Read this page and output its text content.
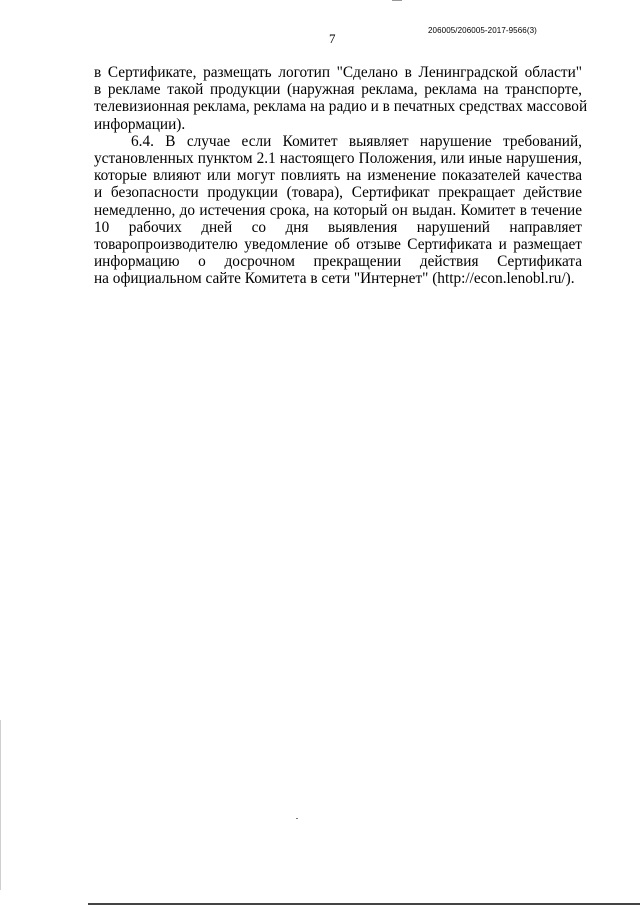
206005/206005-2017-9566(3)
7
в Сертификате, размещать логотип "Сделано в Ленинградской области"
в рекламе такой продукции (наружная реклама, реклама на транспорте,
телевизионная реклама, реклама на радио и в печатных средствах массовой
информации).
6.4. В случае если Комитет выявляет нарушение требований,
установленных пунктом 2.1 настоящего Положения, или иные нарушения,
которые влияют или могут повлиять на изменение показателей качества
и безопасности продукции (товара), Сертификат прекращает действие
немедленно, до истечения срока, на который он выдан. Комитет в течение
10 рабочих дней со дня выявления нарушений направляет
товаропроизводителю уведомление об отзыве Сертификата и размещает
информацию о досрочном прекращении действия Сертификата
на официальном сайте Комитета в сети "Интернет" (http://econ.lenobl.ru/).
